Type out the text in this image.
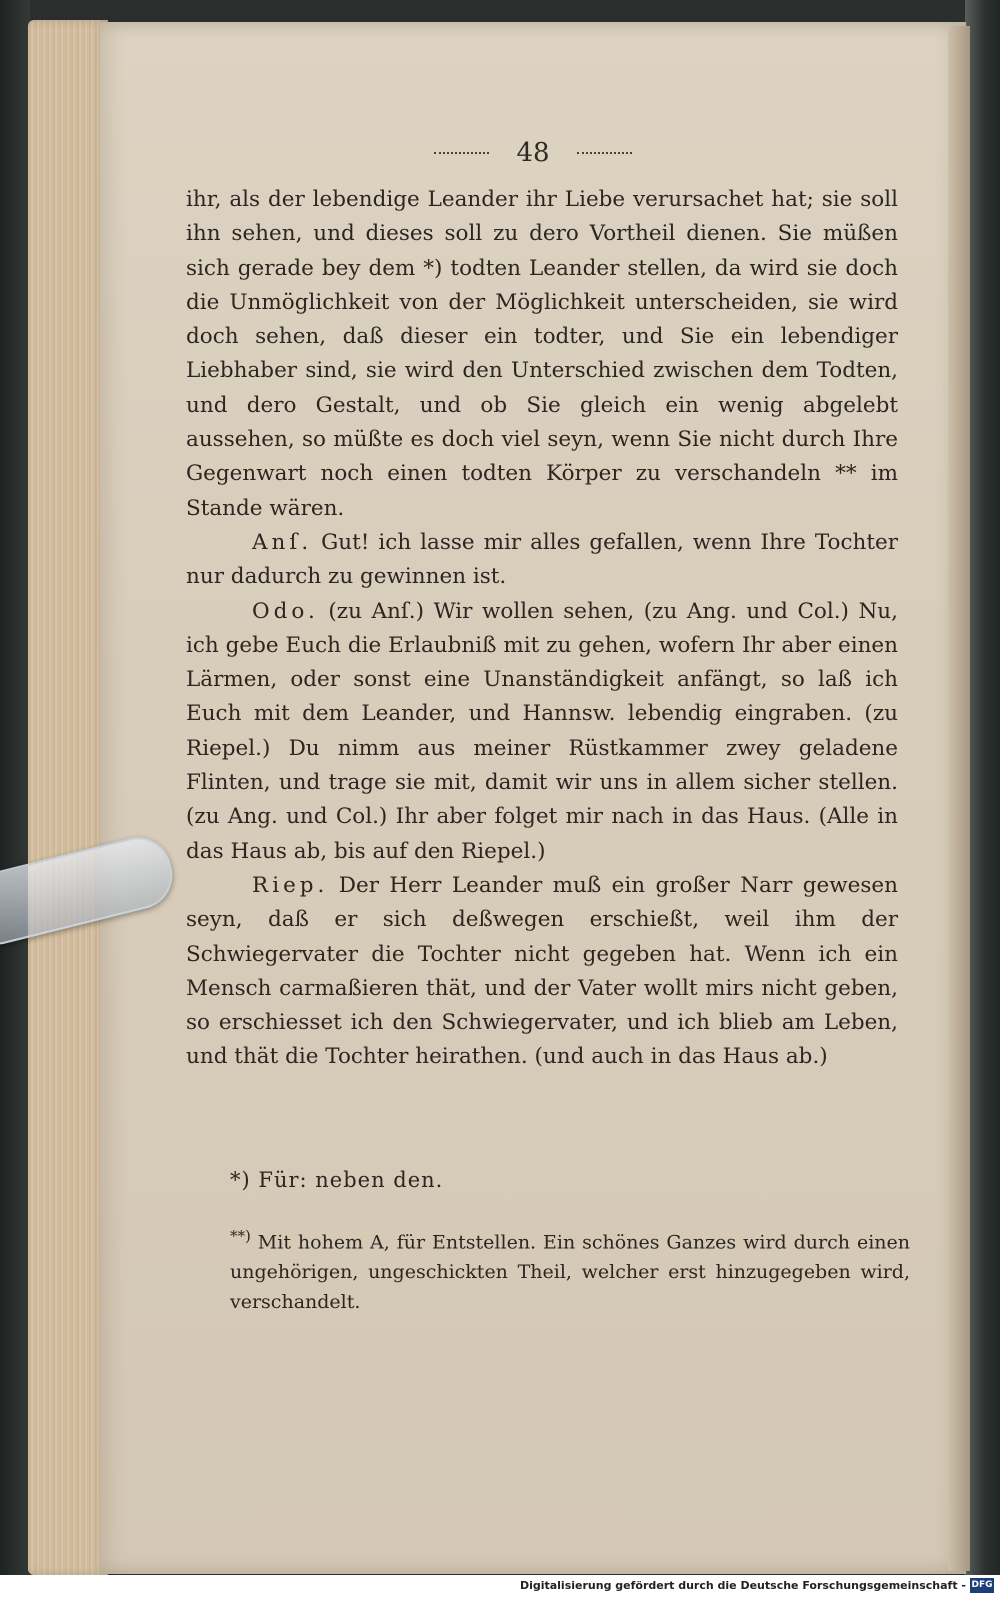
48

ihr, als der lebendige Leander ihr Liebe verursachet hat; sie soll ihn sehen, und dieses soll zu dero Vortheil dienen. Sie müßen sich gerade bey dem *) todten Leander stellen, da wird sie doch die Unmöglichkeit von der Möglichkeit unterscheiden, sie wird doch sehen, daß dieser ein todter, und Sie ein lebendiger Liebhaber sind, sie wird den Unterschied zwischen dem Todten, und dero Gestalt, und ob Sie gleich ein wenig abgelebt aussehen, so müßte es doch viel seyn, wenn Sie nicht durch Ihre Gegenwart noch einen todten Körper zu verschandeln ** im Stande wären.

Anſ. Gut! ich lasse mir alles gefallen, wenn Ihre Tochter nur dadurch zu gewinnen ist.

Odo. (zu Anſ.) Wir wollen sehen, (zu Ang. und Col.) Nu, ich gebe Euch die Erlaubniß mit zu gehen, wofern Ihr aber einen Lärmen, oder sonst eine Unanständigkeit anfängt, so laß ich Euch mit dem Leander, und Hannsw. lebendig eingraben. (zu Riepel.) Du nimm aus meiner Rüstkammer zwey geladene Flinten, und trage sie mit, damit wir uns in allem sicher stellen. (zu Ang. und Col.) Ihr aber folget mir nach in das Haus. (Alle in das Haus ab, bis auf den Riepel.)

Riep. Der Herr Leander muß ein großer Narr gewesen seyn, daß er sich deßwegen erschießt, weil ihm der Schwiegervater die Tochter nicht gegeben hat. Wenn ich ein Mensch carmaßieren thät, und der Vater wollt mirs nicht geben, so erschiesset ich den Schwiegervater, und ich blieb am Leben, und thät die Tochter heirathen. (und auch in das Haus ab.)

*) Für: neben den.
**) Mit hohem A, für Entstellen. Ein schönes Ganzes wird durch einen ungehörigen, ungeschickten Theil, welcher erst hinzugegeben wird, verschandelt.
Digitalisierung gefördert durch die Deutsche Forschungsgemeinschaft - DFG
